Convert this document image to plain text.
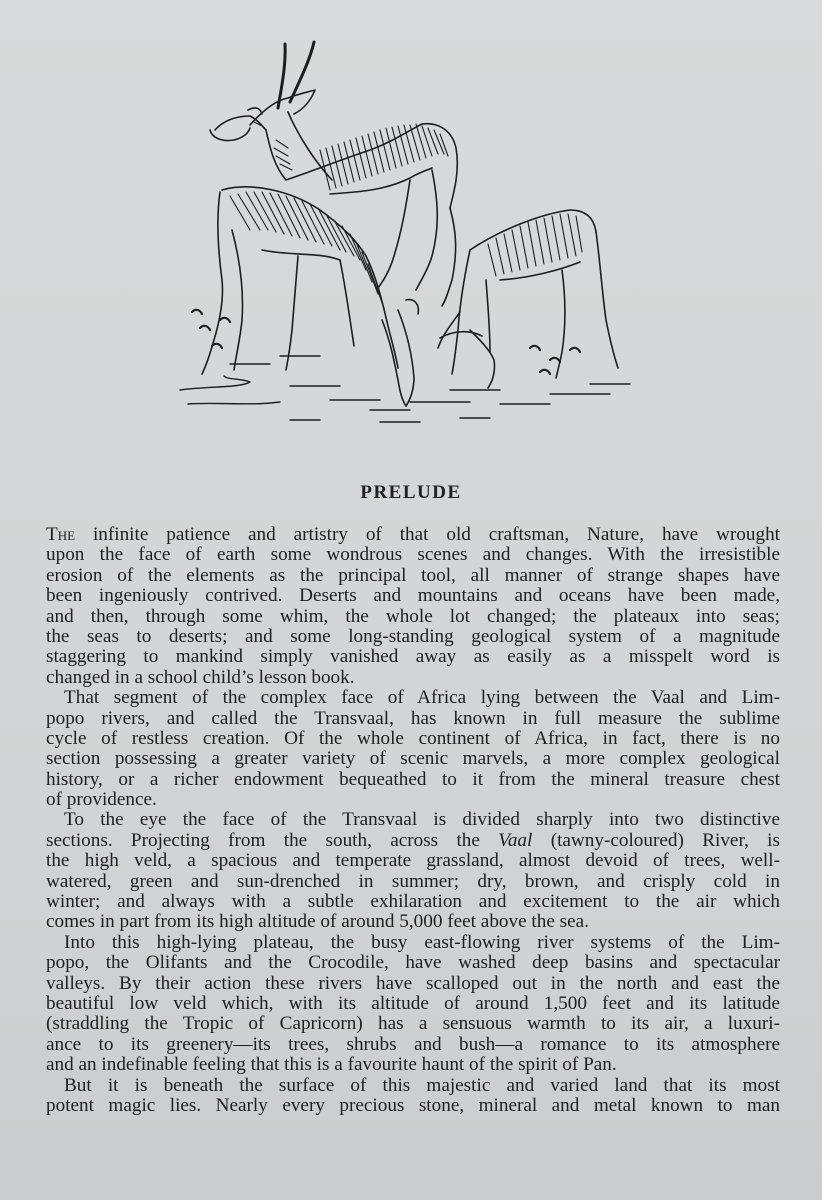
PRELUDE
The infinite patience and artistry of that old craftsman, Nature, have wrought
upon the face of earth some wondrous scenes and changes. With the irresistible
erosion of the elements as the principal tool, all manner of strange shapes have
been ingeniously contrived. Deserts and mountains and oceans have been made,
and then, through some whim, the whole lot changed; the plateaux into seas;
the seas to deserts; and some long-standing geological system of a magnitude
staggering to mankind simply vanished away as easily as a misspelt word is
changed in a school child’s lesson book.
That segment of the complex face of Africa lying between the Vaal and Lim-
popo rivers, and called the Transvaal, has known in full measure the sublime
cycle of restless creation. Of the whole continent of Africa, in fact, there is no
section possessing a greater variety of scenic marvels, a more complex geological
history, or a richer endowment bequeathed to it from the mineral treasure chest
of providence.
To the eye the face of the Transvaal is divided sharply into two distinctive
sections. Projecting from the south, across the Vaal (tawny-coloured) River, is
the high veld, a spacious and temperate grassland, almost devoid of trees, well-
watered, green and sun-drenched in summer; dry, brown, and crisply cold in
winter; and always with a subtle exhilaration and excitement to the air which
comes in part from its high altitude of around 5,000 feet above the sea.
Into this high-lying plateau, the busy east-flowing river systems of the Lim-
popo, the Olifants and the Crocodile, have washed deep basins and spectacular
valleys. By their action these rivers have scalloped out in the north and east the
beautiful low veld which, with its altitude of around 1,500 feet and its latitude
(straddling the Tropic of Capricorn) has a sensuous warmth to its air, a luxuri-
ance to its greenery—its trees, shrubs and bush—a romance to its atmosphere
and an indefinable feeling that this is a favourite haunt of the spirit of Pan.
But it is beneath the surface of this majestic and varied land that its most
potent magic lies. Nearly every precious stone, mineral and metal known to man
